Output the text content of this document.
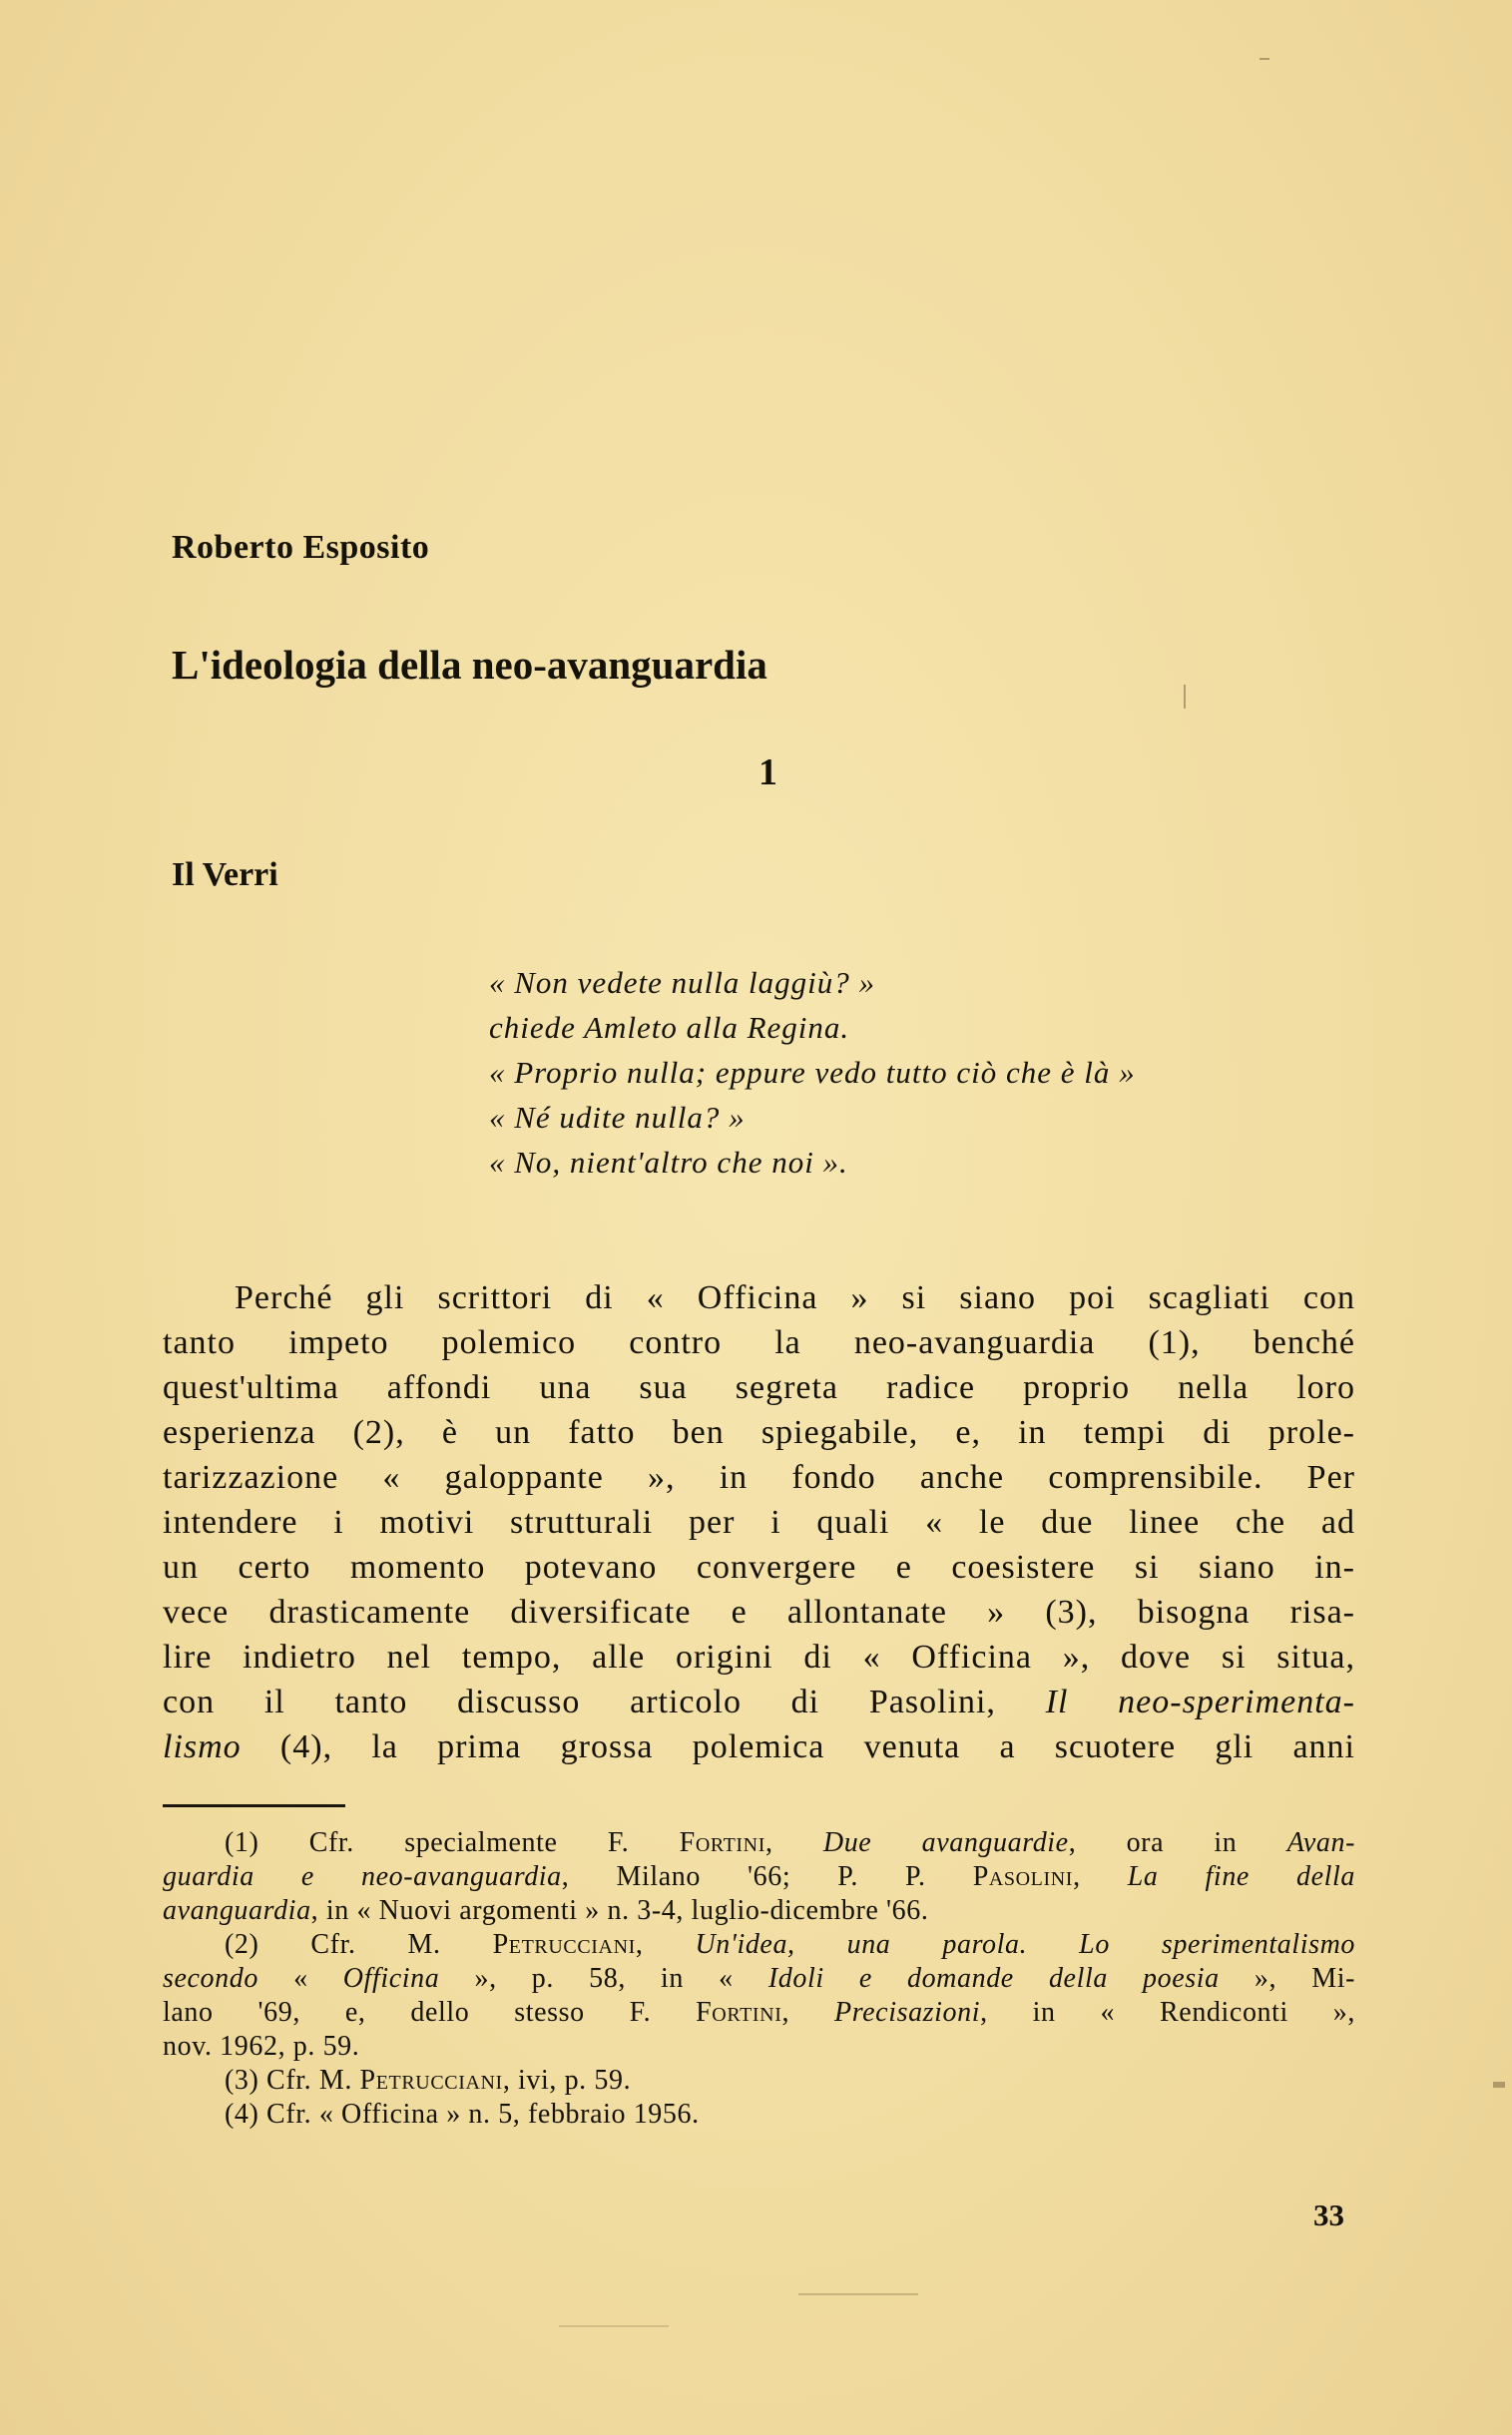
Roberto Esposito
L'ideologia della neo-avanguardia
1
Il Verri
« Non vedete nulla laggiù? »
chiede Amleto alla Regina.
« Proprio nulla; eppure vedo tutto ciò che è là »
« Né udite nulla? »
« No, nient'altro che noi ».
Perché gli scrittori di « Officina » si siano poi scagliati con
tanto impeto polemico contro la neo-avanguardia (1), benché
quest'ultima affondi una sua segreta radice proprio nella loro
esperienza (2), è un fatto ben spiegabile, e, in tempi di prole-
tarizzazione « galoppante », in fondo anche comprensibile. Per
intendere i motivi strutturali per i quali « le due linee che ad
un certo momento potevano convergere e coesistere si siano in-
vece drasticamente diversificate e allontanate » (3), bisogna risa-
lire indietro nel tempo, alle origini di « Officina », dove si situa,
con il tanto discusso articolo di Pasolini, Il neo-sperimenta-
lismo (4), la prima grossa polemica venuta a scuotere gli anni
(1) Cfr. specialmente F. Fortini, Due avanguardie, ora in Avan-
guardia e neo-avanguardia, Milano '66; P. P. Pasolini, La fine della
avanguardia, in « Nuovi argomenti » n. 3-4, luglio-dicembre '66.
(2) Cfr. M. Petrucciani, Un'idea, una parola. Lo sperimentalismo
secondo « Officina », p. 58, in « Idoli e domande della poesia », Mi-
lano '69, e, dello stesso F. Fortini, Precisazioni, in « Rendiconti »,
nov. 1962, p. 59.
(3) Cfr. M. Petrucciani, ivi, p. 59.
(4) Cfr. « Officina » n. 5, febbraio 1956.
33
